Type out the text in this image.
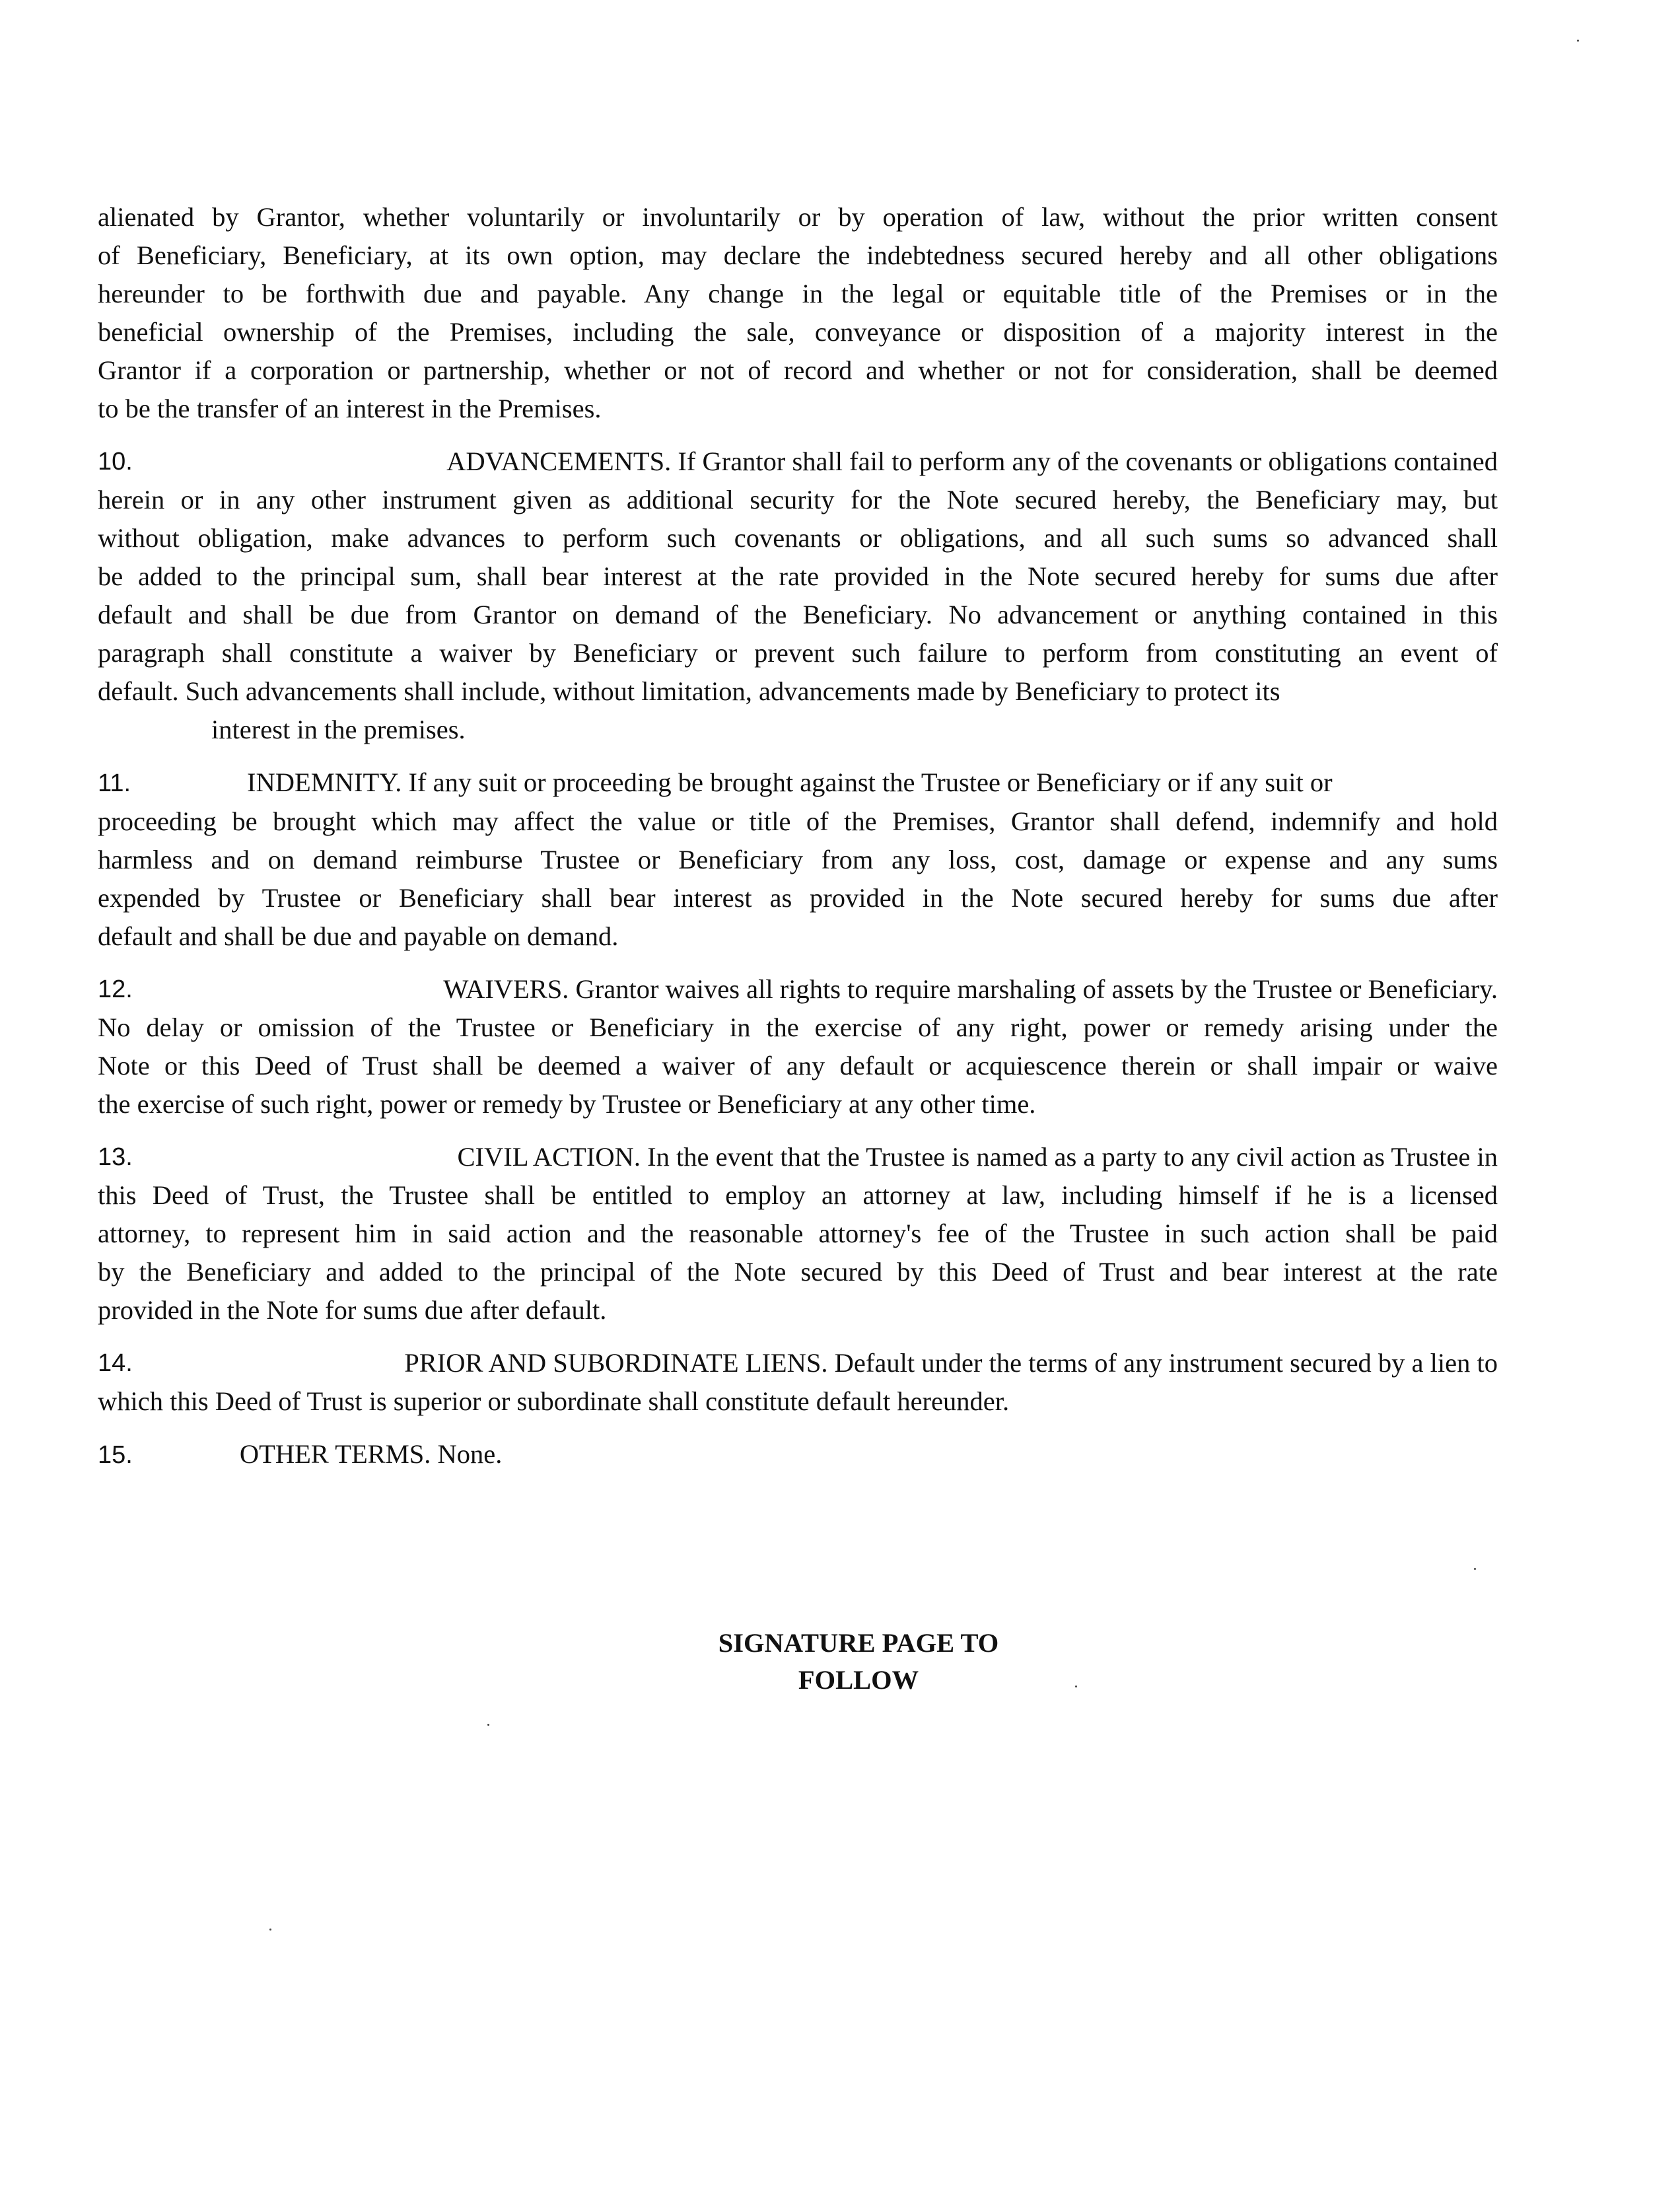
alienated by Grantor, whether voluntarily or involuntarily or by operation of law, without the prior written consent
of Beneficiary, Beneficiary, at its own option, may declare the indebtedness secured hereby and all other obligations
hereunder to be forthwith due and payable. Any change in the legal or equitable title of the Premises or in the
beneficial ownership of the Premises, including the sale, conveyance or disposition of a majority interest in the
Grantor if a corporation or partnership, whether or not of record and whether or not for consideration, shall be deemed
to be the transfer of an interest in the Premises.
10.	ADVANCEMENTS. If Grantor shall fail to perform any of the covenants or obligations contained
herein or in any other instrument given as additional security for the Note secured hereby, the Beneficiary may, but
without obligation, make advances to perform such covenants or obligations, and all such sums so advanced shall
be added to the principal sum, shall bear interest at the rate provided in the Note secured hereby for sums due after
default and shall be due from Grantor on demand of the Beneficiary. No advancement or anything contained in this
paragraph shall constitute a waiver by Beneficiary or prevent such failure to perform from constituting an event of
default. Such advancements shall include, without limitation, advancements made by Beneficiary to protect its
interest in the premises.
11.	INDEMNITY. If any suit or proceeding be brought against the Trustee or Beneficiary or if any suit or
proceeding be brought which may affect the value or title of the Premises, Grantor shall defend, indemnify and hold
harmless and on demand reimburse Trustee or Beneficiary from any loss, cost, damage or expense and any sums
expended by Trustee or Beneficiary shall bear interest as provided in the Note secured hereby for sums due after
default and shall be due and payable on demand.
12.	WAIVERS. Grantor waives all rights to require marshaling of assets by the Trustee or Beneficiary.
No delay or omission of the Trustee or Beneficiary in the exercise of any right, power or remedy arising under the
Note or this Deed of Trust shall be deemed a waiver of any default or acquiescence therein or shall impair or waive
the exercise of such right, power or remedy by Trustee or Beneficiary at any other time.
13.	CIVIL ACTION. In the event that the Trustee is named as a party to any civil action as Trustee in
this Deed of Trust, the Trustee shall be entitled to employ an attorney at law, including himself if he is a licensed
attorney, to represent him in said action and the reasonable attorney's fee of the Trustee in such action shall be paid
by the Beneficiary and added to the principal of the Note secured by this Deed of Trust and bear interest at the rate
provided in the Note for sums due after default.
14.	PRIOR AND SUBORDINATE LIENS. Default under the terms of any instrument secured by a lien to
which this Deed of Trust is superior or subordinate shall constitute default hereunder.
15.	OTHER TERMS. None.
SIGNATURE PAGE TO
FOLLOW
